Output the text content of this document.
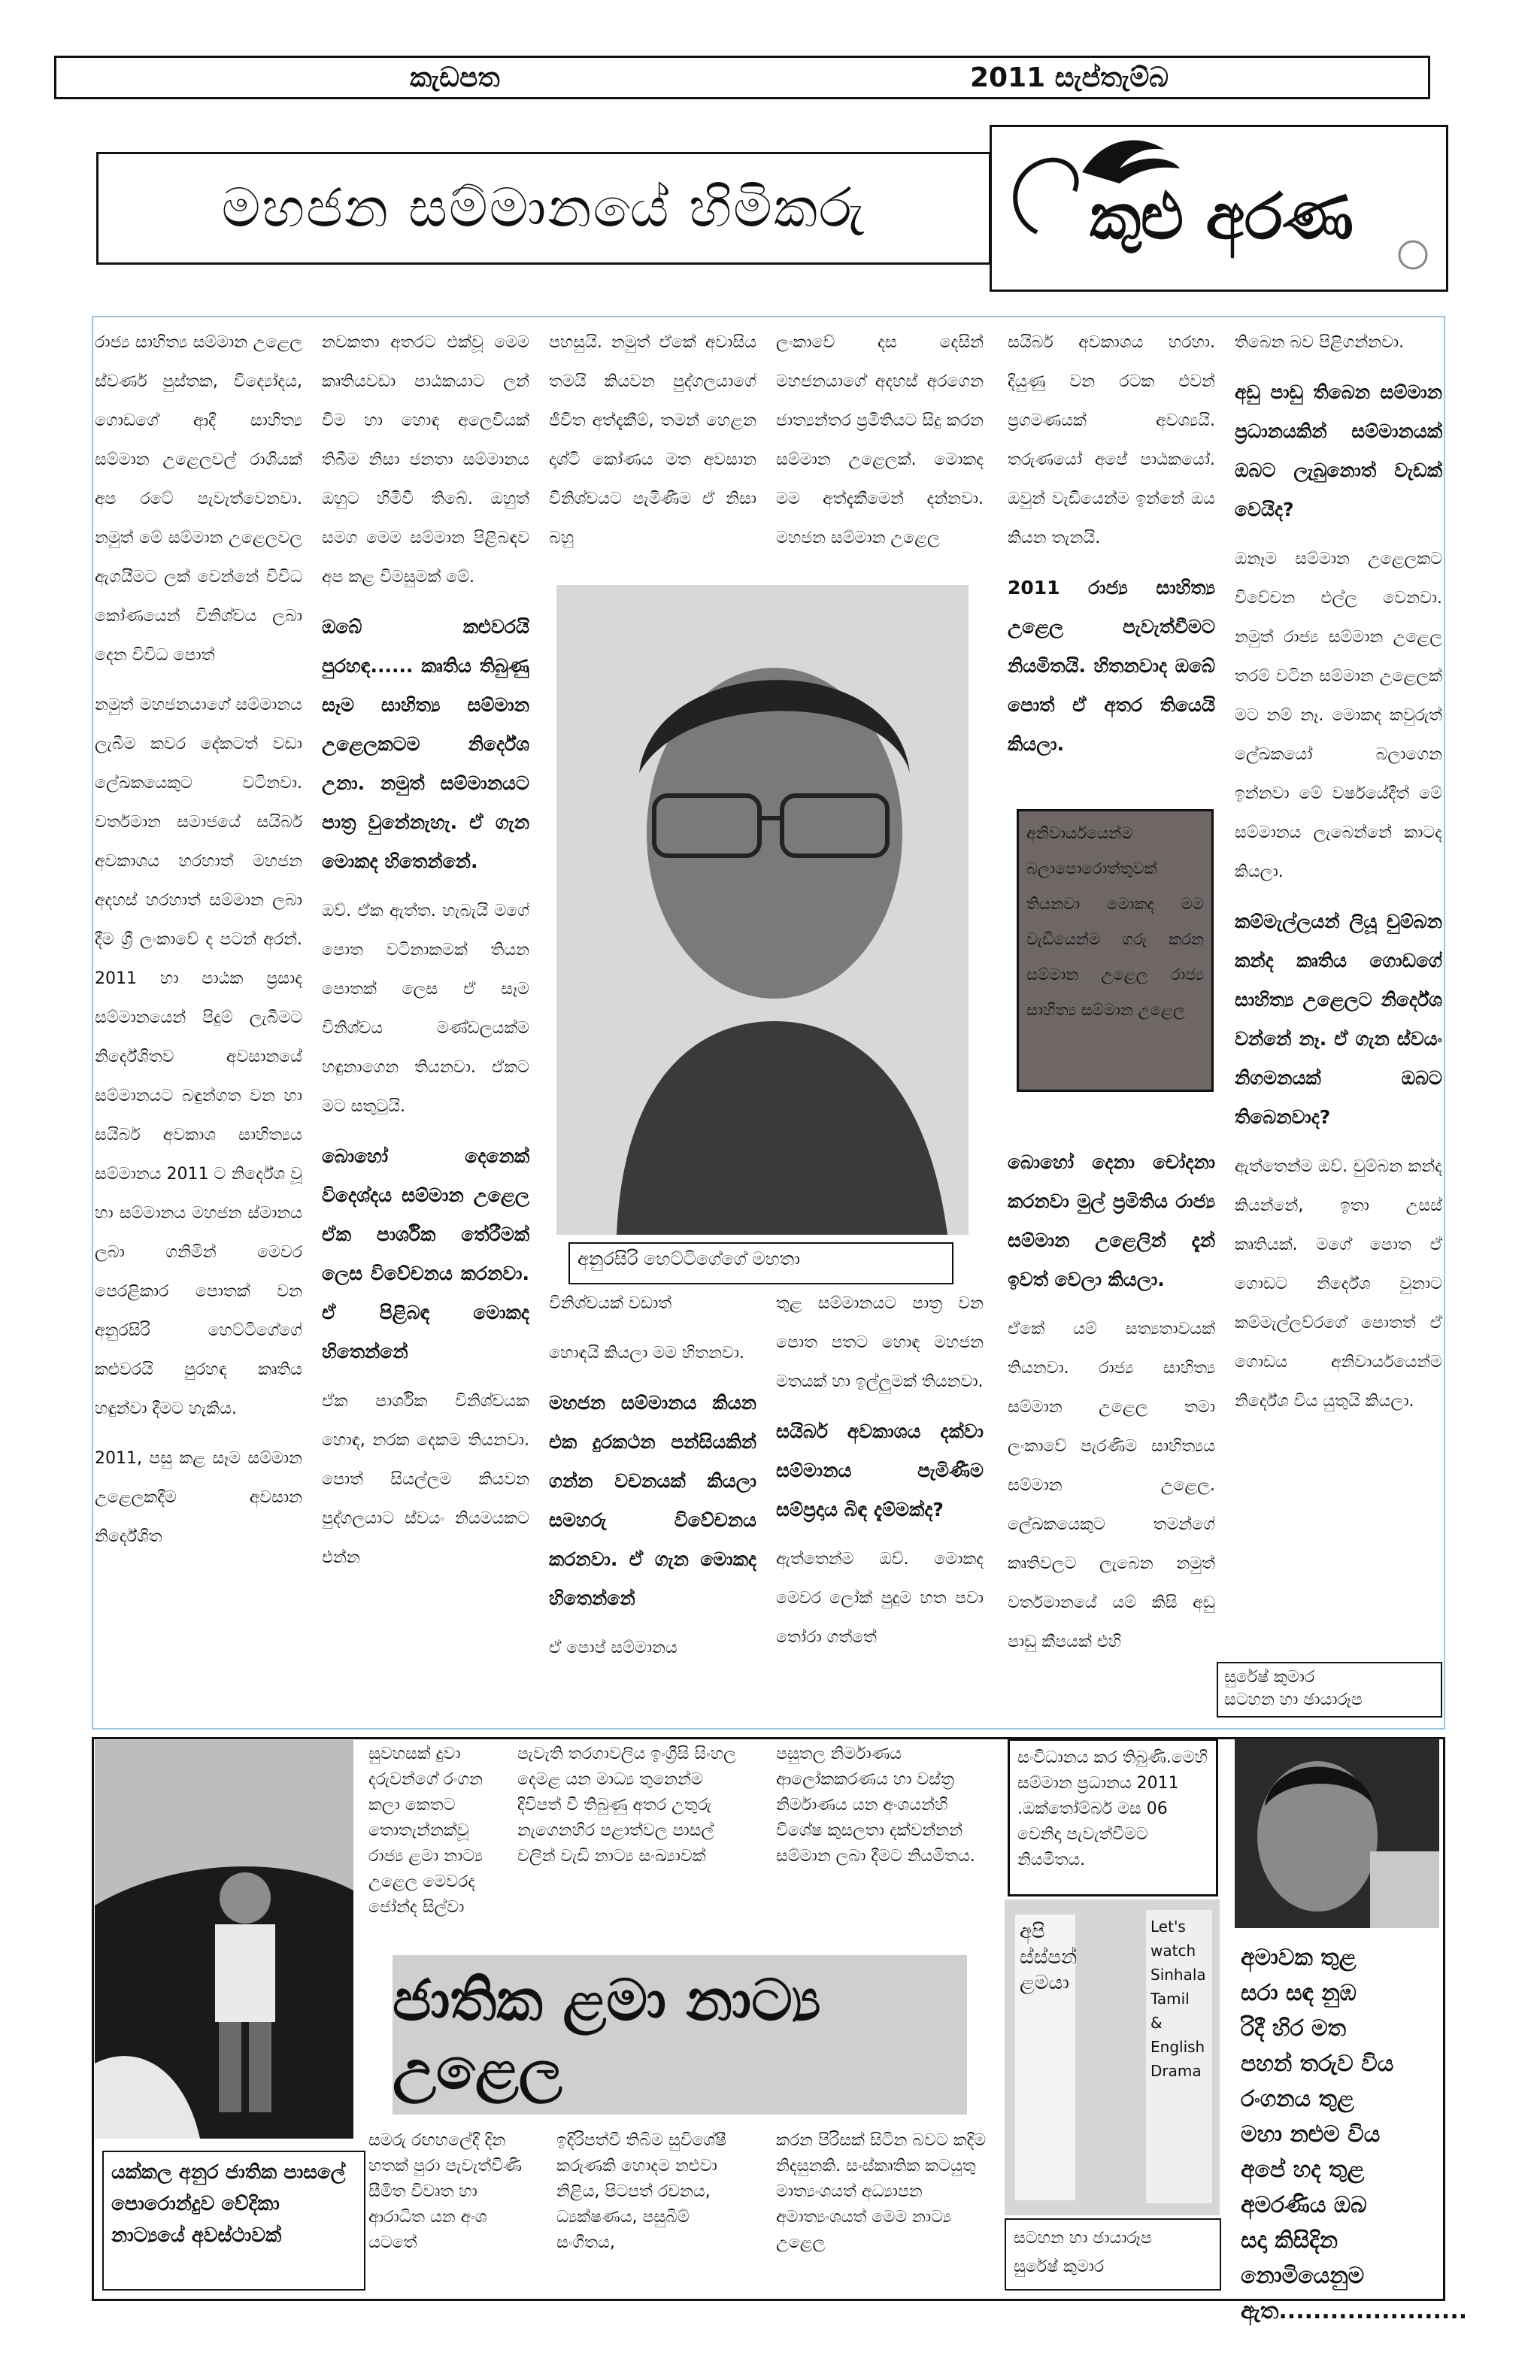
කැඩපත	2011 සැප්තැම්බ
මහජන සම්මානයේ හිමිකරු	කුළු අරණ

රාජ්‍ය සාහිත්‍ය සම්මාන උළෙල ස්වර්ණ පුස්තක, විද්‍යෝදය, ගොඩගේ ආදී සාහිත්‍ය සම්මාන උළෙලවල් රාශියක් අප රටේ පැවැත්වෙනවා. නමුත් මේ සම්මාන උළෙලවල ඇගයීමට ලක් වෙන්නේ විවිධ කෝණයෙන් විනිශ්චය ලබා දෙන විවිධ පොත්

නමුත් මහජනයාගේ සම්මානය ලැබීම කවර දේකටත් වඩා ලේඛකයෙකුට වටිනවා. වර්තමාන සමාජයේ සයිබර් අවකාශය හරහාත් මහජන අදහස් හරහාත් සම්මාන ලබා දීම ශ්‍රී ලංකාවේ ද පටන් අරන්. 2011 හා පාඨක ප්‍රසාද සම්මානයෙන් පිදුම් ලැබීමට නිර්දේශිතව අවසානයේ සම්මානයට බඳුන්ගත වන හා සයිබර් අවකාශ සාහිත්‍යය සම්මානය 2011 ට නිර්දේශ වූ හා සම්මානය මහජන ස්මානය ලබා ගනිමින් මෙවර පෙරළිකාර පොතක් වන අනුරසිරි හෙට්ටිගේගේ කළුවරයි පුරහඳ කෘතිය හඳුන්වා දීමට හැකිය.

2011, පසු කළ සෑම සම්මාන උළෙලකදීම අවසාන නිර්දේශිත

නවකතා අතරට එක්වූ මෙම කෘතියවඩා පාඨකයාට ලන් වීම හා හොඳ අලෙවියක් තිබීම නිසා ජනතා සම්මානය ඔහුට හිමිවී තිබේ. ඔහුත් සමග මෙම සම්මාන පිළිබඳව අප කළ විමසුමක් මේ.

ඔබේ කළුවරයි පුරහඳ...... කෘතිය තිබුණු සෑම සාහිත්‍ය සම්මාන උළෙලකටම නිර්දේශ උනා. නමුත් සම්මානයට පාත්‍ර වුනේනැහැ. ඒ ගැන මොකද හිතෙන්නේ.

ඔව්. ඒක ඇත්ත. හැබැයි මගේ පොත වටිනාකමක් තියන පොතක් ලෙස ඒ සෑම විනිශ්චය මණ්ඩලයක්ම හඳුනාගෙන තියනවා. ඒකට මට සතුටුයි.

බොහෝ දෙනෙක් විදෙශ්දය සම්මාන උළෙල ඒක පාර්ශික තේරීමක් ලෙස විවේචනය කරනවා. ඒ පිළිබඳ මොකද හිතෙන්නේ

ඒක පාර්ශික විනිශ්චයක හොඳ, නරක දෙකම තියනවා. පොත් සියල්ලම කියවන පුද්ගලයාට ස්වයං නියමයකට එන්න

පහසුයි. නමුත් ඒකේ අවාසිය තමයි කියවන පුද්ගලයාගේ ජීවිත අත්දැකීම්, තමන් හෙළන දෘශ්ටි කෝණය මත අවසාන විනිශ්චයට පැමිණීම ඒ නිසා බහු

ලංකාවේ දස දෙසින් මහජනයාගේ අදහස් අරගෙන ජාත්‍යන්තර ප්‍රමිතියට සිදු කරන සම්මාන උළෙලක්. මොකද මම අත්දැකීමෙන් දන්නවා. මහජන සම්මාන උළෙල

අනුරසිරි හෙට්ටිගේගේ මහතා

විනිශ්චයක් වඩාත්

හොඳයි කියලා මම හිතනවා.

මහජන සම්මානය කියන එක දුරකථන පන්සියකින් ගන්න වචනයක් කියලා සමහරු විවේචනය කරනවා. ඒ ගැන මොකද හිතෙන්නේ

ඒ පොප් සම්මානය

තුළ සම්මානයට පාත්‍ර වන පොත පතට හොඳ මහජන මතයක් හා ඉල්ලුමක් තියනවා.

සයිබර් අවකාශය දක්වා සම්මානය පැමිණීම සම්ප්‍රදාය බිඳ දැම්මක්ද?

ඇත්තෙන්ම ඔව්. මොකද මෙවර ලෝක් පුදුම හත පවා තෝරා ගත්තේ

සයිබර් අවකාශය හරහා. දියුණු වන රටක එවන් ප්‍රගමණයක් අවශ්‍යයි. තරුණයෝ අපේ පාඨකයෝ. ඔවුන් වැඩියෙන්ම ඉන්නේ ඔය කියන තැනයි.

2011 රාජ්‍ය සාහිත්‍ය උළෙල පැවැත්වීමට නියමිතයි. හිතනවාද ඔබේ පොත් ඒ අතර තියෙයි කියලා.

අනිවාර්යයෙන්ම බලාපොරොත්තුවක් තියනවා මොකද මම වැඩියෙන්ම ගරු කරන සම්මාන උළෙල රාජ්‍ය සාහිත්‍ය සම්මාන උළෙල

බොහෝ දෙනා චෝදනා කරනවා මුල් ප්‍රමිතිය රාජ්‍ය සම්මාන උළෙලින් දැන් ඉවත් වෙලා කියලා.

ඒකේ යම් සත්‍යතාවයක් තියනවා. රාජ්‍ය සාහිත්‍ය සම්මාන උළෙල තමා ලංකාවේ පැරණිම සාහිත්‍යය සම්මාන උළෙල. ලේඛකයෙකුට තමන්ගේ කෘතිවලට ලැබෙන නමුත් වර්තමානයේ යම් කිසි අඩු පාඩු කීපයක් එහි

තිබෙන බව පිළිගන්නවා.

අඩු පාඩු තිබෙන සම්මාන ප්‍රධානයකින් සම්මානයක් ඔබට ලැබුනොත් වැඩක් වෙයිද?

ඔනෑම සම්මාන උළෙලකට විවේචන එල්ල වෙනවා. නමුත් රාජ්‍ය සම්මාන උළෙල තරම් වටින සම්මාන උළෙලක් මට නම් නෑ. මොකද කවුරුත් ලේඛකයෝ බලාගෙන ඉන්නවා මේ වර්ෂයේදීත් මේ සම්මානය ලැබෙන්නේ කාටද කියලා.

කම්මැල්ලයන් ලියූ චුම්බන කන්ද කෘතිය ගොඩගේ සාහිත්‍ය උළෙලට නිර්දේශ වන්නේ නෑ. ඒ ගැන ස්වයං නිගමනයක් ඔබට තිබෙනවාද?

ඇත්තෙන්ම ඔව්. චුම්බන කන්ද කියන්නේ, ඉතා උසස් කෘතියක්. මගේ පොත ඒ ගොඩට නිර්දේශ වුනාට කම්මැල්ලව්රගේ පොතත් ඒ ගොඩය අනිවාර්යයෙන්ම නිර්දේශ විය යුතුයි කියලා.

සුරේෂ් කුමාර
සටහන හා ඡායාරූප
යක්කල අනුර ජාතික පාසලේ පොරොන්දුව වේදිකා නාට්‍යයේ අවස්ථාවක්
සුවහසක් දුවා දරුවන්ගේ රංගන කලා කෙතට තොතැන්නක්වූ රාජ්‍ය ළමා නාට්‍ය උළෙල මෙවරද ජෝන්ද සිල්වා
පැවැති තරගාවලිය ඉංග්‍රීසි සිංහල දෙමළ යන මාධ්‍ය තුනෙන්ම දිවිපත් වී තිබුණු අතර උතුරු නැගෙනහිර පළාත්වල පාසල් වලින් වැඩි නාට්‍ය සංඛ්‍යාවක්
පසුතල නිර්මාණය ආලෝකකරණය හා වස්ත්‍ර නිර්මාණය යන අංශයන්හි විශේෂ කුසලතා දක්වන්නන් සම්මාන ලබා දීමට නියමිතය.
සංවිධානය කර තිබුණි.මෙහි සම්මාන ප්‍රධානය 2011 .ඔක්තෝම්බර් මස 06 වෙනිදා පැවැත්වීමට නියමිතය.
ජාතික ළමා නාට්‍ය උළෙල
සමරු රඟහලේදී දින හතක් පුරා පැවැත්විණි සීමිත විවෘත හා ආරාධිත යන අංශ යටතේ
ඉදිරිපත්වී තිබිම සුවිශේෂී කරුණකි හොදම නළුවා නිළිය, පිටපත් රචනය, ධ්‍යක්ෂණය, පසුබිම් සංගීතය,
කරන පිරිසක් සිටින බවට කදිම නිදසුනකි. සංස්කෘතික කටයුතු මාත්‍යංශයත් අධ්‍යාපන අමාත්‍යංශයත් මෙම නාට්‍ය උළෙල
අපි
ස්ස්පන්
ළමයා
Let's
watch
Sinhala
Tamil
&
English
Drama
සටහන හා ඡායාරූප
සුරේෂ් කුමාර
අමාවක තුළ
සරා සඳ නුඹ
රිදී හිර මත
පහන් තරුව විය
රංගනය තුළ
මහා නළුම විය
අපේ හද තුළ
අමරණිය ඔබ
සදා කිසිදින
නොමියෙනුම
ඇත......................
